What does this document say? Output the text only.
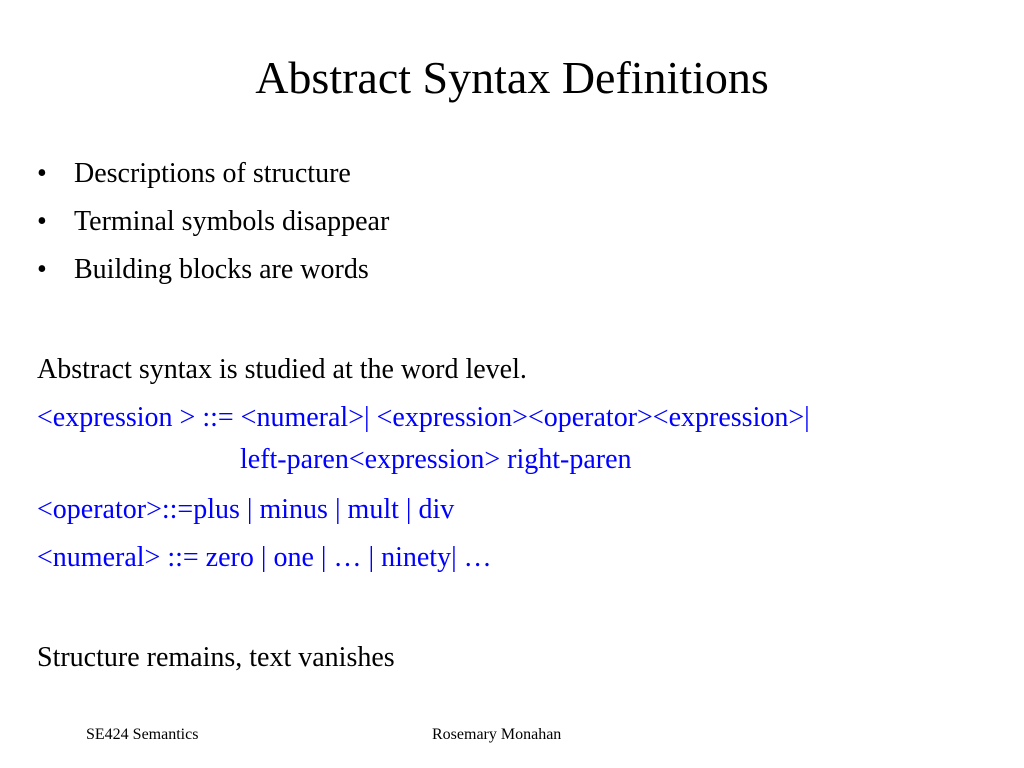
Abstract Syntax Definitions
• Descriptions of structure
• Terminal symbols disappear
• Building blocks are words
Abstract syntax is studied at the word level.
<expression > ::= <numeral>| <expression><operator><expression>|
left-paren<expression> right-paren
<operator>::=plus | minus | mult | div
<numeral> ::= zero | one | … | ninety| …
Structure remains, text vanishes
SE424 Semantics	Rosemary Monahan
